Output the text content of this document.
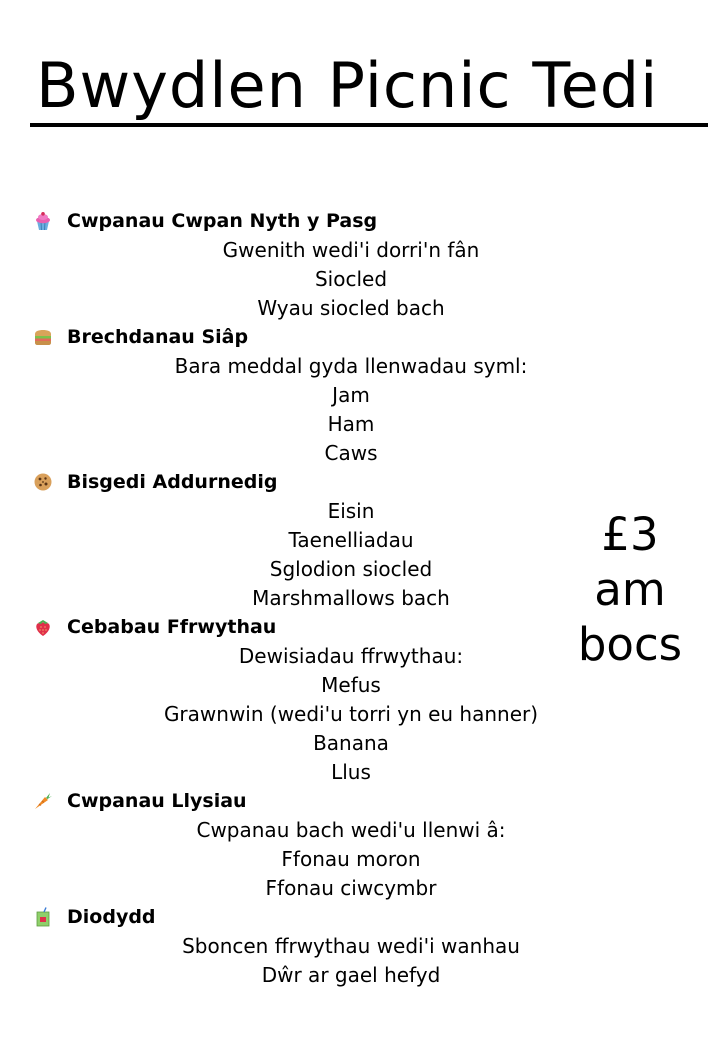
Bwydlen Picnic Tedi
Cwpanau Cwpan Nyth y Pasg
Gwenith wedi'i dorri'n fân
Siocled
Wyau siocled bach
Brechdanau Siâp
Bara meddal gyda llenwadau syml:
Jam
Ham
Caws
Bisgedi Addurnedig
Eisin
Taenelliadau
Sglodion siocled
Marshmallows bach
Cebabau Ffrwythau
Dewisiadau ffrwythau:
Mefus
Grawnwin (wedi'u torri yn eu hanner)
Banana
Llus
Cwpanau Llysiau
Cwpanau bach wedi'u llenwi â:
Ffonau moron
Ffonau ciwcymbr
Diodydd
Sboncen ffrwythau wedi'i wanhau
Dŵr ar gael hefyd
£3
am
bocs
